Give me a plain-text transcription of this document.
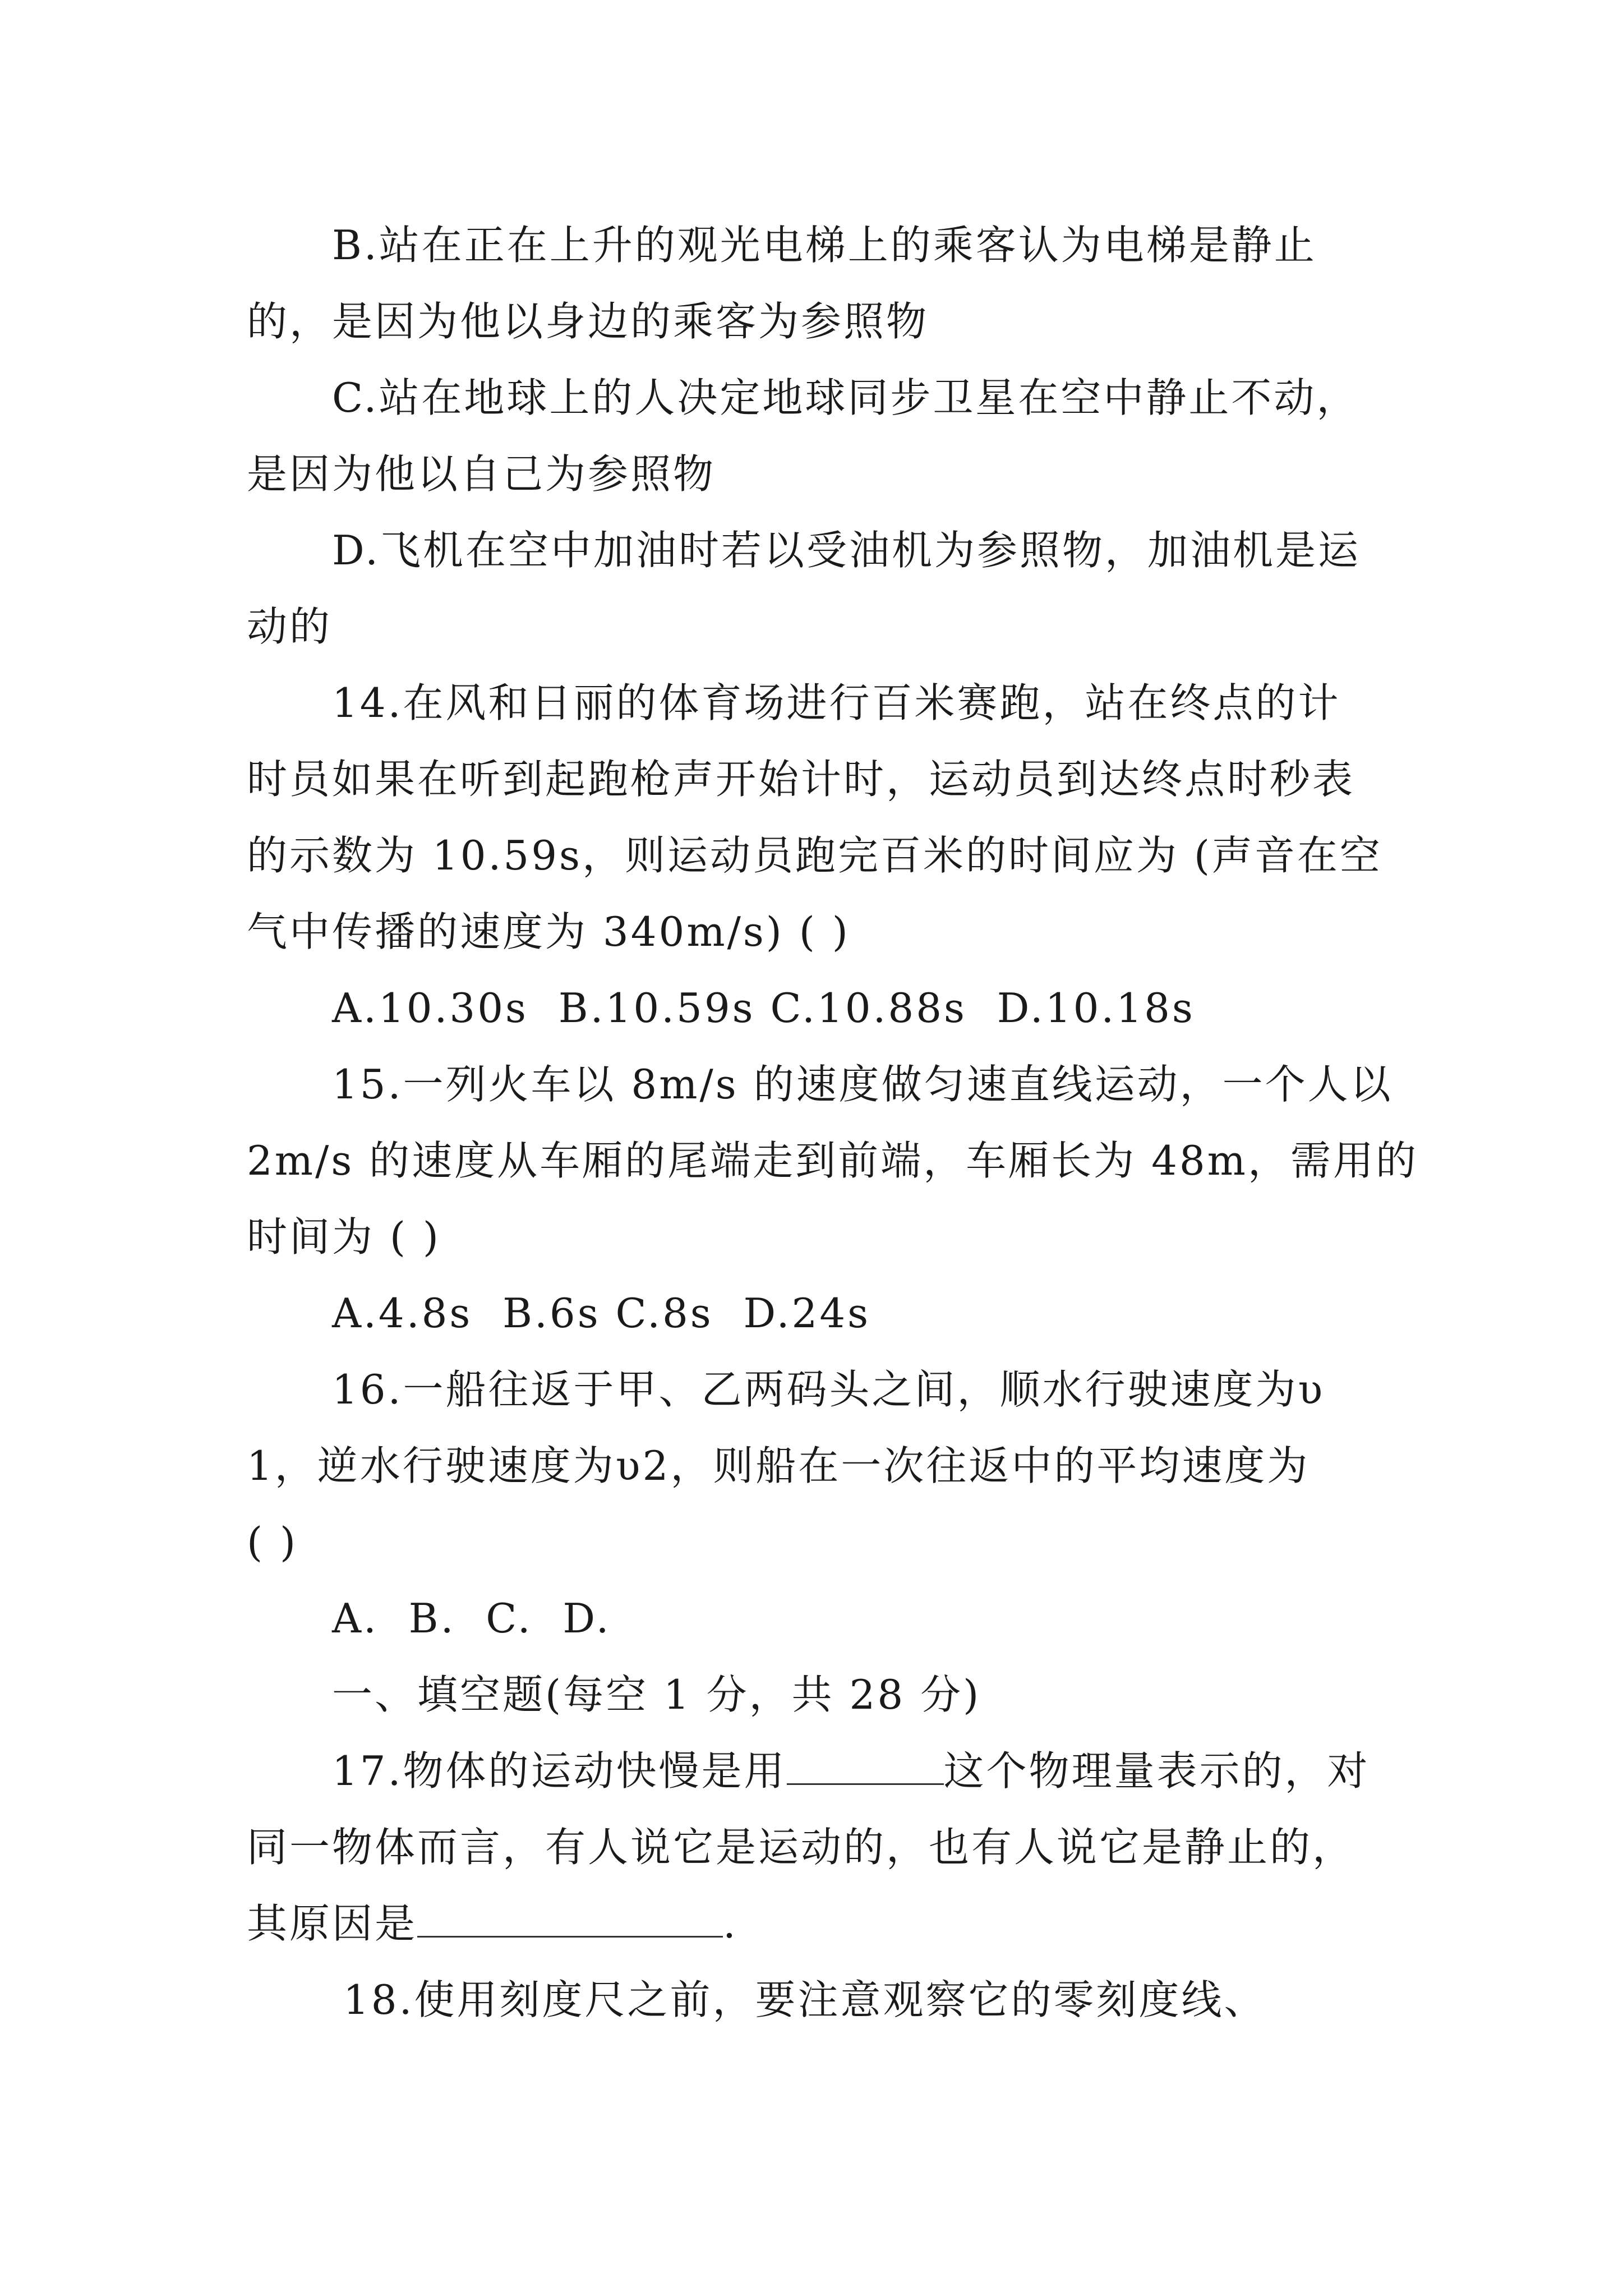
B.站在正在上升的观光电梯上的乘客认为电梯是静止
的，是因为他以身边的乘客为参照物
C.站在地球上的人决定地球同步卫星在空中静止不动，
是因为他以自己为参照物
D.飞机在空中加油时若以受油机为参照物，加油机是运
动的
14.在风和日丽的体育场进行百米赛跑，站在终点的计
时员如果在听到起跑枪声开始计时，运动员到达终点时秒表
的示数为 10.59s，则运动员跑完百米的时间应为 (声音在空
气中传播的速度为 340m/s) ( )
A.10.30s  B.10.59s C.10.88s  D.10.18s
15.一列火车以 8m/s 的速度做匀速直线运动，一个人以
2m/s 的速度从车厢的尾端走到前端，车厢长为 48m，需用的
时间为 ( )
A.4.8s  B.6s C.8s  D.24s
16.一船往返于甲、乙两码头之间，顺水行驶速度为υ
1，逆水行驶速度为υ2，则船在一次往返中的平均速度为
( )
A.  B.  C.  D.
一、填空题(每空 1 分，共 28 分)
17.物体的运动快慢是用	这个物理量表示的，对
同一物体而言，有人说它是运动的，也有人说它是静止的，
其原因是	.
18.使用刻度尺之前，要注意观察它的零刻度线、
